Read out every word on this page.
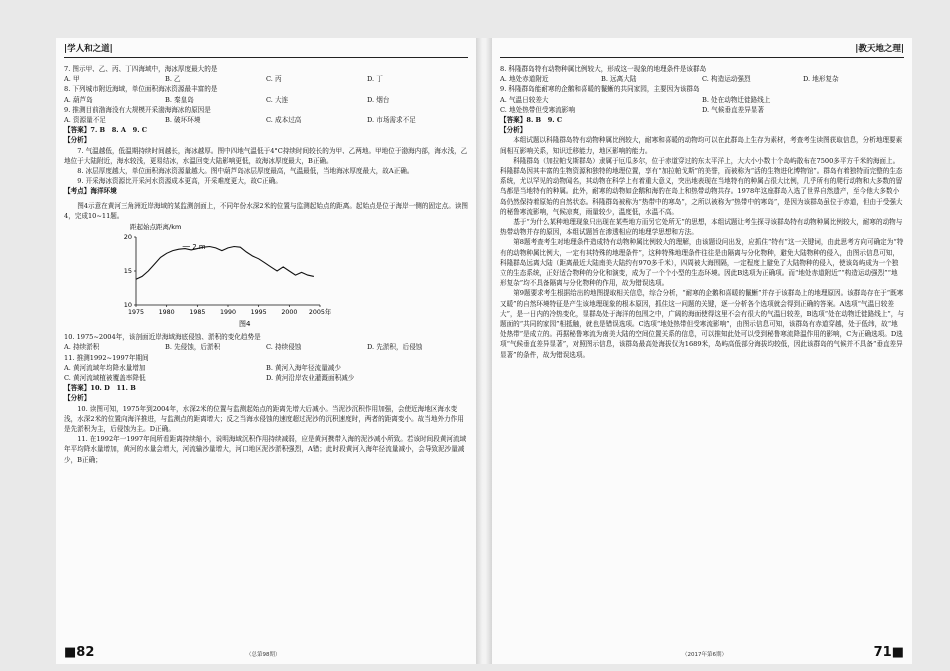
|学人和之道|

7. 图示甲、乙、丙、丁四海域中，海冰厚度最大的是

A. 甲	B. 乙	C. 丙	D. 丁

8. 下列城市附近海域，单位面积海冰资源最丰富的是

A. 葫芦岛	B. 秦皇岛	C. 大连	D. 烟台

9. 推测目前渤海没有大规模开采渤海海冰的原因是

A. 资源量不足	B. 破坏环境	C. 成本过高	D. 市场需求不足

【答案】7. B　8. A　9. C

【分析】

7. 气温越低，低温期持续时间越长，海冰越厚。图中四地气温低于4°C持续时间较长的为甲、乙两地。甲地位于渤海内部，海水浅，乙地位于大陆附近，海水较浅，更易结冰，水温回变大陆影响更低，故海冰厚度最大，B正确。

8. 冰层厚度越大，单位面积海冰资源量越大。图中葫芦岛冰层厚度最高，气温最低，当地海冰厚度最大，故A正确。

9. 开采海冰资源比开采河水资源成本更高，开采难度更大，故C正确。

【考点】海洋环境

图4示意在黄河三角洲近岸海域的某监测剖面上，不同年份水深2米的位置与监测起始点的距离。起始点是位于海岸一侧的固定点。读图4，完成10~11题。

距起始点距离/km
2 m
10
15
20
1975 1980 1985 1990 1995 2000 2005年
图4

10. 1975~2004年，该剖面近岸海域海底侵蚀、淤积的变化趋势是

A. 持续淤积	B. 先侵蚀，后淤积	C. 持续侵蚀	D. 先淤积，后侵蚀

11. 推测1992~1997年期间

A. 黄河流域年均降水量增加	B. 黄河入海年径流量减少
C. 黄河流域植被覆盖率降低	D. 黄河沿岸农业灌溉面积减少

【答案】10. D　11. B

【分析】

10. 读图可知，1975年到2004年，水深2米的位置与监测起始点的距离先增大后减小。当泥沙沉积作用加强，会使近海地区海水变浅，水深2米的位置向海洋推进，与监测点的距离增大；反之当海水侵蚀的速度超过泥沙的沉积速度时，两者的距离变小。故当地外力作用是先淤积为主，后侵蚀为主。D正确。

11. 在1992年一1997年间所看距离持续缩小，说明海域沉积作用持续减弱，应是黄河携带入海的泥沙减小所致。若该时间段黄河流域年平均降水量增加，黄河的水量会增大，河流输沙量增大，河口地区泥沙淤积强烈，A错；此时段黄河入海年径流量减小，会导致泥沙量减少，B正确；

■82	（总第98期）
|教天地之理|

8. 科隆群岛特有动物种属比例较大，形成这一现象的地理条件是该群岛

A. 地处赤道附近	B. 远离大陆	C. 构造运动强烈	D. 地形复杂

9. 科隆群岛能耐寒的企鹅和喜暖的鬣蜥的共同家园，主要因为该群岛

A. 气温日较差大	B. 处在动物迁徙路线上
C. 地处热带但受寒流影响	D. 气候垂直差异显著

【答案】8. B　9. C

【分析】

本组试题以科隆群岛特有动物种属比例较大，耐寒和喜暖的动物均可以在此群岛上生存为素材，考查考生读图获取信息，分析地理要素间相互影响关系，知识迁移能力，地区影响的能力。

科隆群岛（加拉帕戈斯群岛）隶属于厄瓜多尔，位于赤道穿过的东太平洋上，大大小小数十个岛屿散布在7500多平方千米的海面上。科隆群岛因其丰富的生物资源和独特的地理位置，享有“加拉帕戈斯”的美誉，而被称为“活的生物进化博物馆”。群岛有着独特而完整的生态系统，尤以罕见的动物闻名，其动物在科学上有着重大意义，突出地表现在当地特有的种属占很大比例，几乎所有的爬行动物和大多数的留鸟都是当地特有的种属。此外，耐寒的动物如企鹅和海豹在岛上和热带动物共存。1978年这座群岛入选了世界自然遗产，至今他大多数小岛仍然保持着原始的自然状态。科隆群岛被称为“热带中的寒岛”，之所以被称为“热带中的寒岛”，是因为该群岛虽位于赤道，但由于受强大的秘鲁寒流影响，气候凉爽，雨量较少，温度低，水温不高。

基于“为什么某种地理现象只出现在某些地方而另它处所无”的思想，本组试题让考生探寻该群岛特有动物种属比例较大，耐寒的动物与热带动物并存的原因，本组试题旨在渗透相应的地理学思想和方法。

第8题考查考生对地理条件造成特有动物种属比例较大的理解，由该题设问出发，应抓住“特有”这一关键词，由此思考方向可确定为“特有的动物种属比例大，一定有其特殊的地理条件”，这种特殊地理条件往往是由隔离与分化物种，避免大陆物种的侵入，由图示信息可知，科隆群岛远离大陆（距离最近大陆南美大陆约有970多千米），四周被大海围隔，一定程度上避免了大陆物种的侵入，使该岛屿成为一个独立的生态系统，正好适合物种的分化和演变，成为了一个个小型的生态环境。因此B选项为正确项。而“地处赤道附近”“构造运动强烈”“地形复杂”均不具备隔离与分化物种的作用，故为错误选项。

第9题要求考生根据给出的地图提取相关信息，综合分析，“耐寒的企鹅和喜暖的鬣蜥”并存于该群岛上的地理原因。该群岛存在于“既寒又暖”的自然环境特征是产生该地理现象的根本原因，抓住这一问题的关键，逐一分析各个选项就会得到正确的答案。A选项“气温日较差大”，是一日内的冷热变化，显群岛处于海洋的包围之中，广阔的海面使得这里不会有很大的气温日较差，B选项“处在动物迁徙路线上”，与题面的“共同的家园”相抵触，就也是错误选项。C选项“地处热带但受寒流影响”，由图示信息可知，该群岛有赤道穿越，处于低纬，故“地处热带”是成立的。再据秘鲁寒流为南美大陆的空间位置关系的信息，可以推知此处可以受到秘鲁寒流降温作用的影响，C为正确选项。D选项“气候垂直差异显著”，对照图示信息，该群岛最高处海拔仅为1689米，岛屿高低部分海拔均较低，因此该群岛的气候并不具备“垂直差异显著”的条件，故为错误选项。

（2017年第6期）	71■
